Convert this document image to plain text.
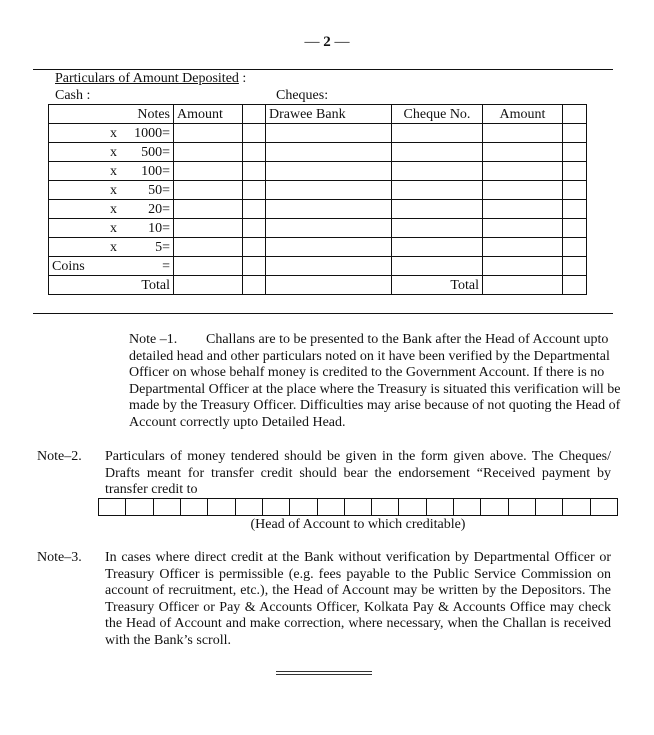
— 2 —
Particulars of Amount Deposited :
Cash :	Cheques:
Notes	Amount		Drawee Bank	Cheque No.	Amount	
x 1000=						
x 500=						
x 100=						
x 50=						
x 20=						
x 10=						
x 5=						
Coins =						

Total				Total		
Note –1. Challans are to be presented to the Bank after the Head of Account upto detailed head and other particulars noted on it have been verified by the Departmental Officer on whose behalf money is credited to the Government Account. If there is no Departmental Officer at the place where the Treasury is situated this verification will be made by the Treasury Officer. Difficulties may arise because of not quoting the Head of Account correctly upto Detailed Head.
Note–2. Particulars of money tendered should be given in the form given above. The Cheques/ Drafts meant for transfer credit should bear the endorsement “Received payment by transfer credit to
(Head of Account to which creditable)
Note–3. In cases where direct credit at the Bank without verification by Departmental Officer or Treasury Officer is permissible (e.g. fees payable to the Public Service Commission on account of recruitment, etc.), the Head of Account may be written by the Depositors. The Treasury Officer or Pay & Accounts Officer, Kolkata Pay & Accounts Office may check the Head of Account and make correction, where necessary, when the Challan is received with the Bank’s scroll.
